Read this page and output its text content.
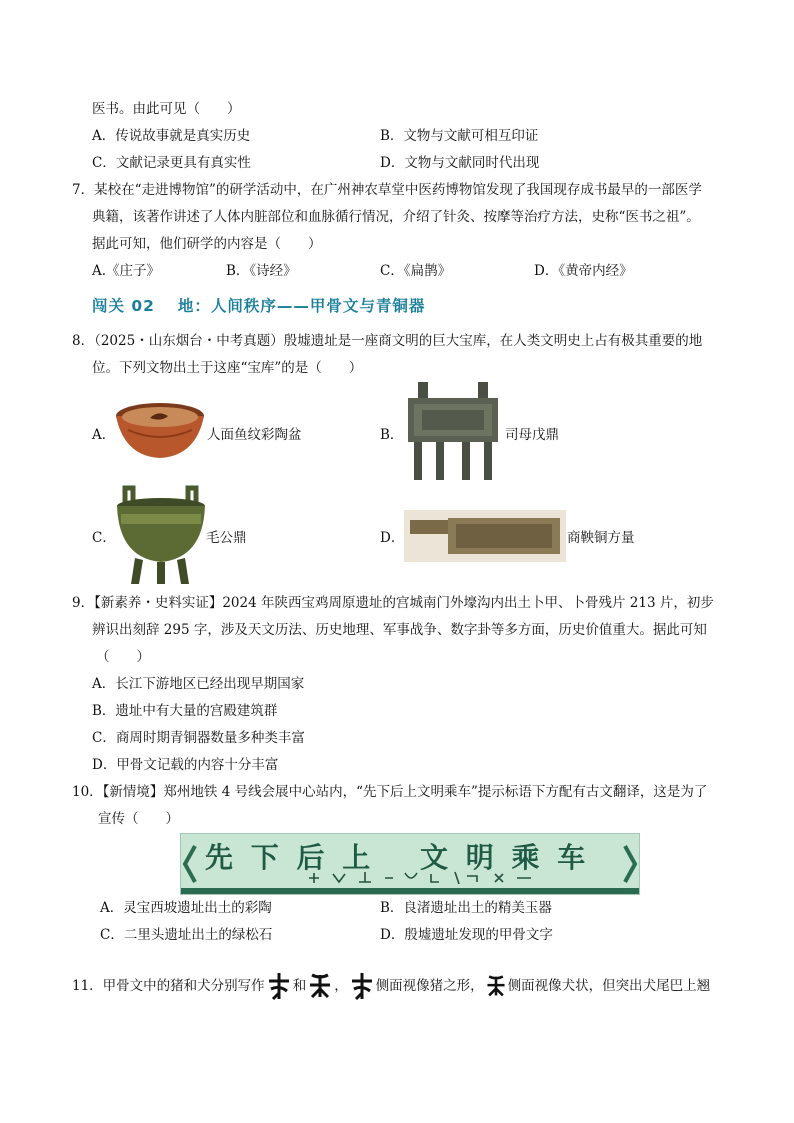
医书。由此可见（　　）
A．传说故事就是真实历史	B．文物与文献可相互印证
C．文献记录更具有真实性	D．文物与文献同时代出现
7．某校在“走进博物馆”的研学活动中，在广州神农草堂中医药博物馆发现了我国现存成书最早的一部医学
典籍，该著作讲述了人体内脏部位和血脉循行情况，介绍了针灸、按摩等治疗方法，史称“医书之祖”。
据此可知，他们研学的内容是（　　）
A.《庄子》	B．《诗经》	C．《扁鹊》	D．《黄帝内经》
闯关 02　 地：人间秩序——甲骨文与青铜器
8．（2025・山东烟台・中考真题）殷墟遗址是一座商文明的巨大宝库，在人类文明史上占有极其重要的地
位。下列文物出土于这座“宝库”的是（　　）
A．	人面鱼纹彩陶盆	B．	司母戊鼎
C．	毛公鼎	D．	商鞅铜方量
9．【新素养・史料实证】2024 年陕西宝鸡周原遗址的宫城南门外壕沟内出土卜甲、卜骨残片 213 片，初步
辨识出刻辞 295 字，涉及天文历法、历史地理、军事战争、数字卦等多方面，历史价值重大。据此可知
（　　）
A．长江下游地区已经出现早期国家
B．遗址中有大量的宫殿建筑群
C．商周时期青铜器数量多种类丰富
D．甲骨文记载的内容十分丰富
10．【新情境】郑州地铁 4 号线会展中心站内，“先下后上文明乘车”提示标语下方配有古文翻译，这是为了
宣传（　　）
先 下 后 上　 文 明 乘 车
A．灵宝西坡遗址出土的彩陶	B．良渚遗址出土的精美玉器
C．二里头遗址出土的绿松石	D．殷墟遗址发现的甲骨文字
11．甲骨文中的猪和犬分别写作 和 ， 侧面视像猪之形， 侧面视像犬状，但突出犬尾巴上翘
